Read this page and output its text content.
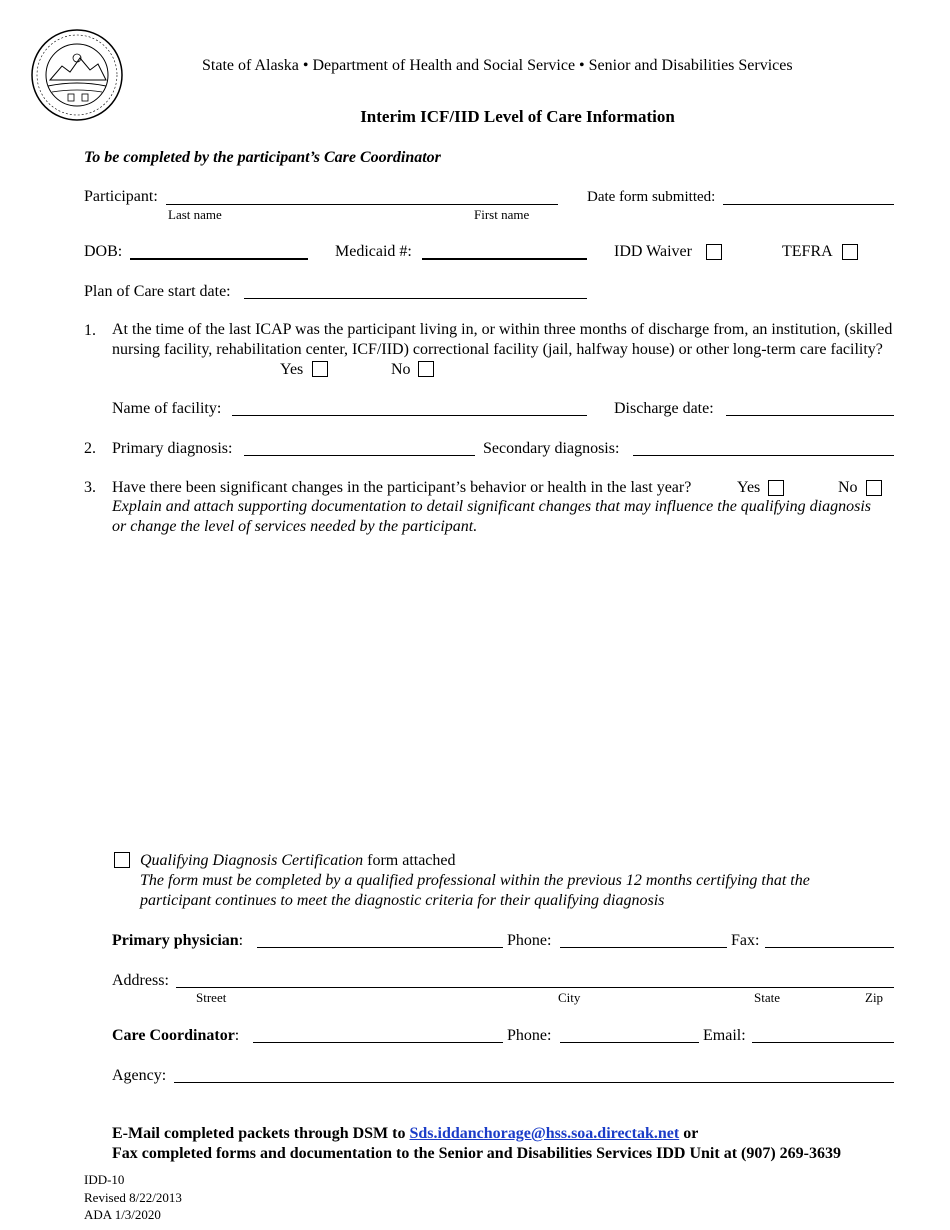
State of Alaska • Department of Health and Social Service • Senior and Disabilities Services
Interim ICF/IID Level of Care Information
To be completed by the participant’s Care Coordinator
Participant:
Last name	First name
Date form submitted:
DOB:	Medicaid #:	IDD Waiver	TEFRA
Plan of Care start date:
1. At the time of the last ICAP was the participant living in, or within three months of discharge from, an institution, (skilled nursing facility, rehabilitation center, ICF/IID) correctional facility (jail, halfway house) or other long-term care facility?
Yes	No
Name of facility:	Discharge date:
2. Primary diagnosis:	Secondary diagnosis:
3. Have there been significant changes in the participant’s behavior or health in the last year?	Yes	No
Explain and attach supporting documentation to detail significant changes that may influence the qualifying diagnosis or change the level of services needed by the participant.
Qualifying Diagnosis Certification form attached
The form must be completed by a qualified professional within the previous 12 months certifying that the participant continues to meet the diagnostic criteria for their qualifying diagnosis
Primary physician:	Phone:	Fax:
Address:
Street	City	State	Zip
Care Coordinator:	Phone:	Email:
Agency:
E-Mail completed packets through DSM to Sds.iddanchorage@hss.soa.directak.net or
Fax completed forms and documentation to the Senior and Disabilities Services IDD Unit at (907) 269-3639
IDD-10
Revised 8/22/2013
ADA 1/3/2020
